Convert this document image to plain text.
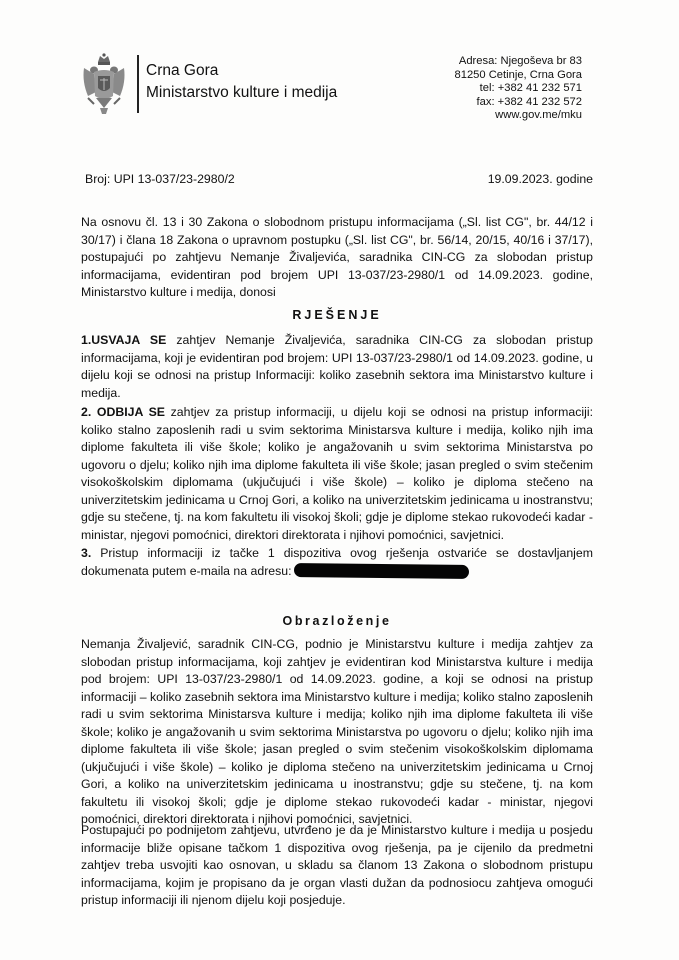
Crna Gora
Ministarstvo kulture i medija
Adresa: Njegoševa br 83
81250 Cetinje, Crna Gora
tel: +382 41 232 571
fax: +382 41 232 572
www.gov.me/mku
Broj: UPI 13-037/23-2980/2	19.09.2023. godine

Na osnovu čl. 13 i 30 Zakona o slobodnom pristupu informacijama („Sl. list CG", br. 44/12 i 30/17) i člana 18 Zakona o upravnom postupku („Sl. list CG", br. 56/14, 20/15, 40/16 i 37/17), postupajući po zahtjevu Nemanje Živaljevića, saradnika CIN-CG za slobodan pristup informacijama, evidentiran pod brojem UPI 13-037/23-2980/1 od 14.09.2023. godine, Ministarstvo kulture i medija, donosi

RJEŠENJE

1.USVAJA SE zahtjev Nemanje Živaljevića, saradnika CIN-CG za slobodan pristup informacijama, koji je evidentiran pod brojem: UPI 13-037/23-2980/1 od 14.09.2023. godine, u dijelu koji se odnosi na pristup Informaciji: koliko zasebnih sektora ima Ministarstvo kulture i medija.

2. ODBIJA SE zahtjev za pristup informaciji, u dijelu koji se odnosi na pristup informaciji: koliko stalno zaposlenih radi u svim sektorima Ministarsva kulture i medija, koliko njih ima diplome fakulteta ili više škole; koliko je angažovanih u svim sektorima Ministarstva po ugovoru o djelu; koliko njih ima diplome fakulteta ili više škole; jasan pregled o svim stečenim visokoškolskim diplomama (ukjučujući i više škole) – koliko je diploma stečeno na univerzitetskim jedinicama u Crnoj Gori, a koliko na univerzitetskim jedinicama u inostranstvu; gdje su stečene, tj. na kom fakultetu ili visokoj školi; gdje je diplome stekao rukovodeći kadar - ministar, njegovi pomoćnici, direktori direktorata i njihovi pomoćnici, savjetnici.

3. Pristup informaciji iz tačke 1 dispozitiva ovog rješenja ostvariće se dostavljanjem dokumenata putem e-maila na adresu:

Obrazloženje

Nemanja Živaljević, saradnik CIN-CG, podnio je Ministarstvu kulture i medija zahtjev za slobodan pristup informacijama, koji zahtjev je evidentiran kod Ministarstva kulture i medija pod brojem: UPI 13-037/23-2980/1 od 14.09.2023. godine, a koji se odnosi na pristup informaciji – koliko zasebnih sektora ima Ministarstvo kulture i medija; koliko stalno zaposlenih radi u svim sektorima Ministarsva kulture i medija; koliko njih ima diplome fakulteta ili više škole; koliko je angažovanih u svim sektorima Ministarstva po ugovoru o djelu; koliko njih ima diplome fakulteta ili više škole; jasan pregled o svim stečenim visokoškolskim diplomama (ukjučujući i više škole) – koliko je diploma stečeno na univerzitetskim jedinicama u Crnoj Gori, a koliko na univerzitetskim jedinicama u inostranstvu; gdje su stečene, tj. na kom fakultetu ili visokoj školi; gdje je diplome stekao rukovodeći kadar - ministar, njegovi pomoćnici, direktori direktorata i njihovi pomoćnici, savjetnici.

Postupajući po podnijetom zahtjevu, utvrđeno je da je Ministarstvo kulture i medija u posjedu informacije bliže opisane tačkom 1 dispozitiva ovog rješenja, pa je cijenilo da predmetni zahtjev treba usvojiti kao osnovan, u skladu sa članom 13 Zakona o slobodnom pristupu informacijama, kojim je propisano da je organ vlasti dužan da podnosiocu zahtjeva omogući pristup informaciji ili njenom dijelu koji posjeduje.
